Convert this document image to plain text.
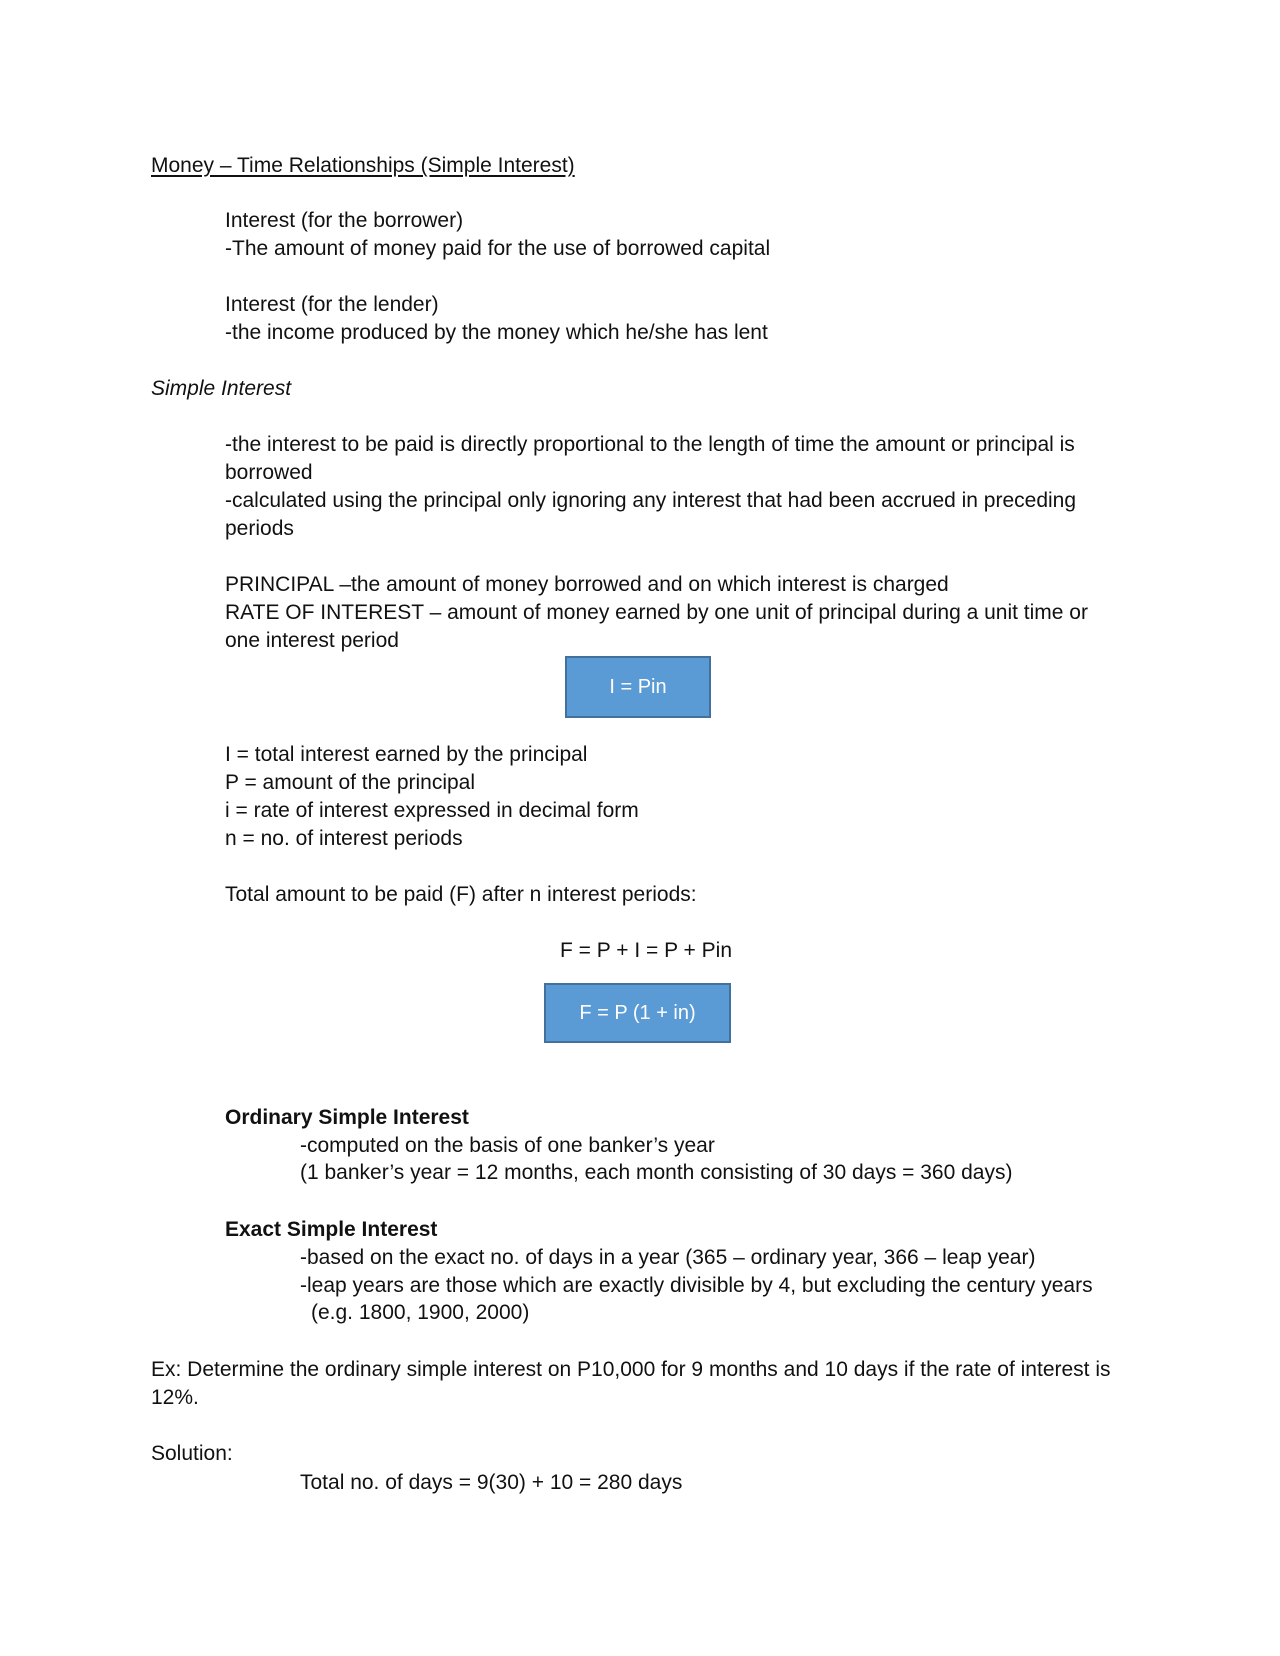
Money – Time Relationships (Simple Interest)
Interest (for the borrower)
-The amount of money paid for the use of borrowed capital
Interest (for the lender)
-the income produced by the money which he/she has lent
Simple Interest
-the interest to be paid is directly proportional to the length of time the amount or principal is borrowed
-calculated using the principal only ignoring any interest that had been accrued in preceding periods
PRINCIPAL –the amount of money borrowed and on which interest is charged
RATE OF INTEREST – amount of money earned by one unit of principal during a unit time or one interest period
I = Pin
I = total interest earned by the principal
P = amount of the principal
i = rate of interest expressed in decimal form
n = no. of interest periods
Total amount to be paid (F) after n interest periods:
F = P + I = P + Pin
F = P (1 + in)
Ordinary Simple Interest
-computed on the basis of one banker’s year
(1 banker’s year = 12 months, each month consisting of 30 days = 360 days)
Exact Simple Interest
-based on the exact no. of days in a year (365 – ordinary year, 366 – leap year)
-leap years are those which are exactly divisible by 4, but excluding the century years
(e.g. 1800, 1900, 2000)
Ex: Determine the ordinary simple interest on P10,000 for 9 months and 10 days if the rate of interest is 12%.
Solution:
Total no. of days = 9(30) + 10 = 280 days
